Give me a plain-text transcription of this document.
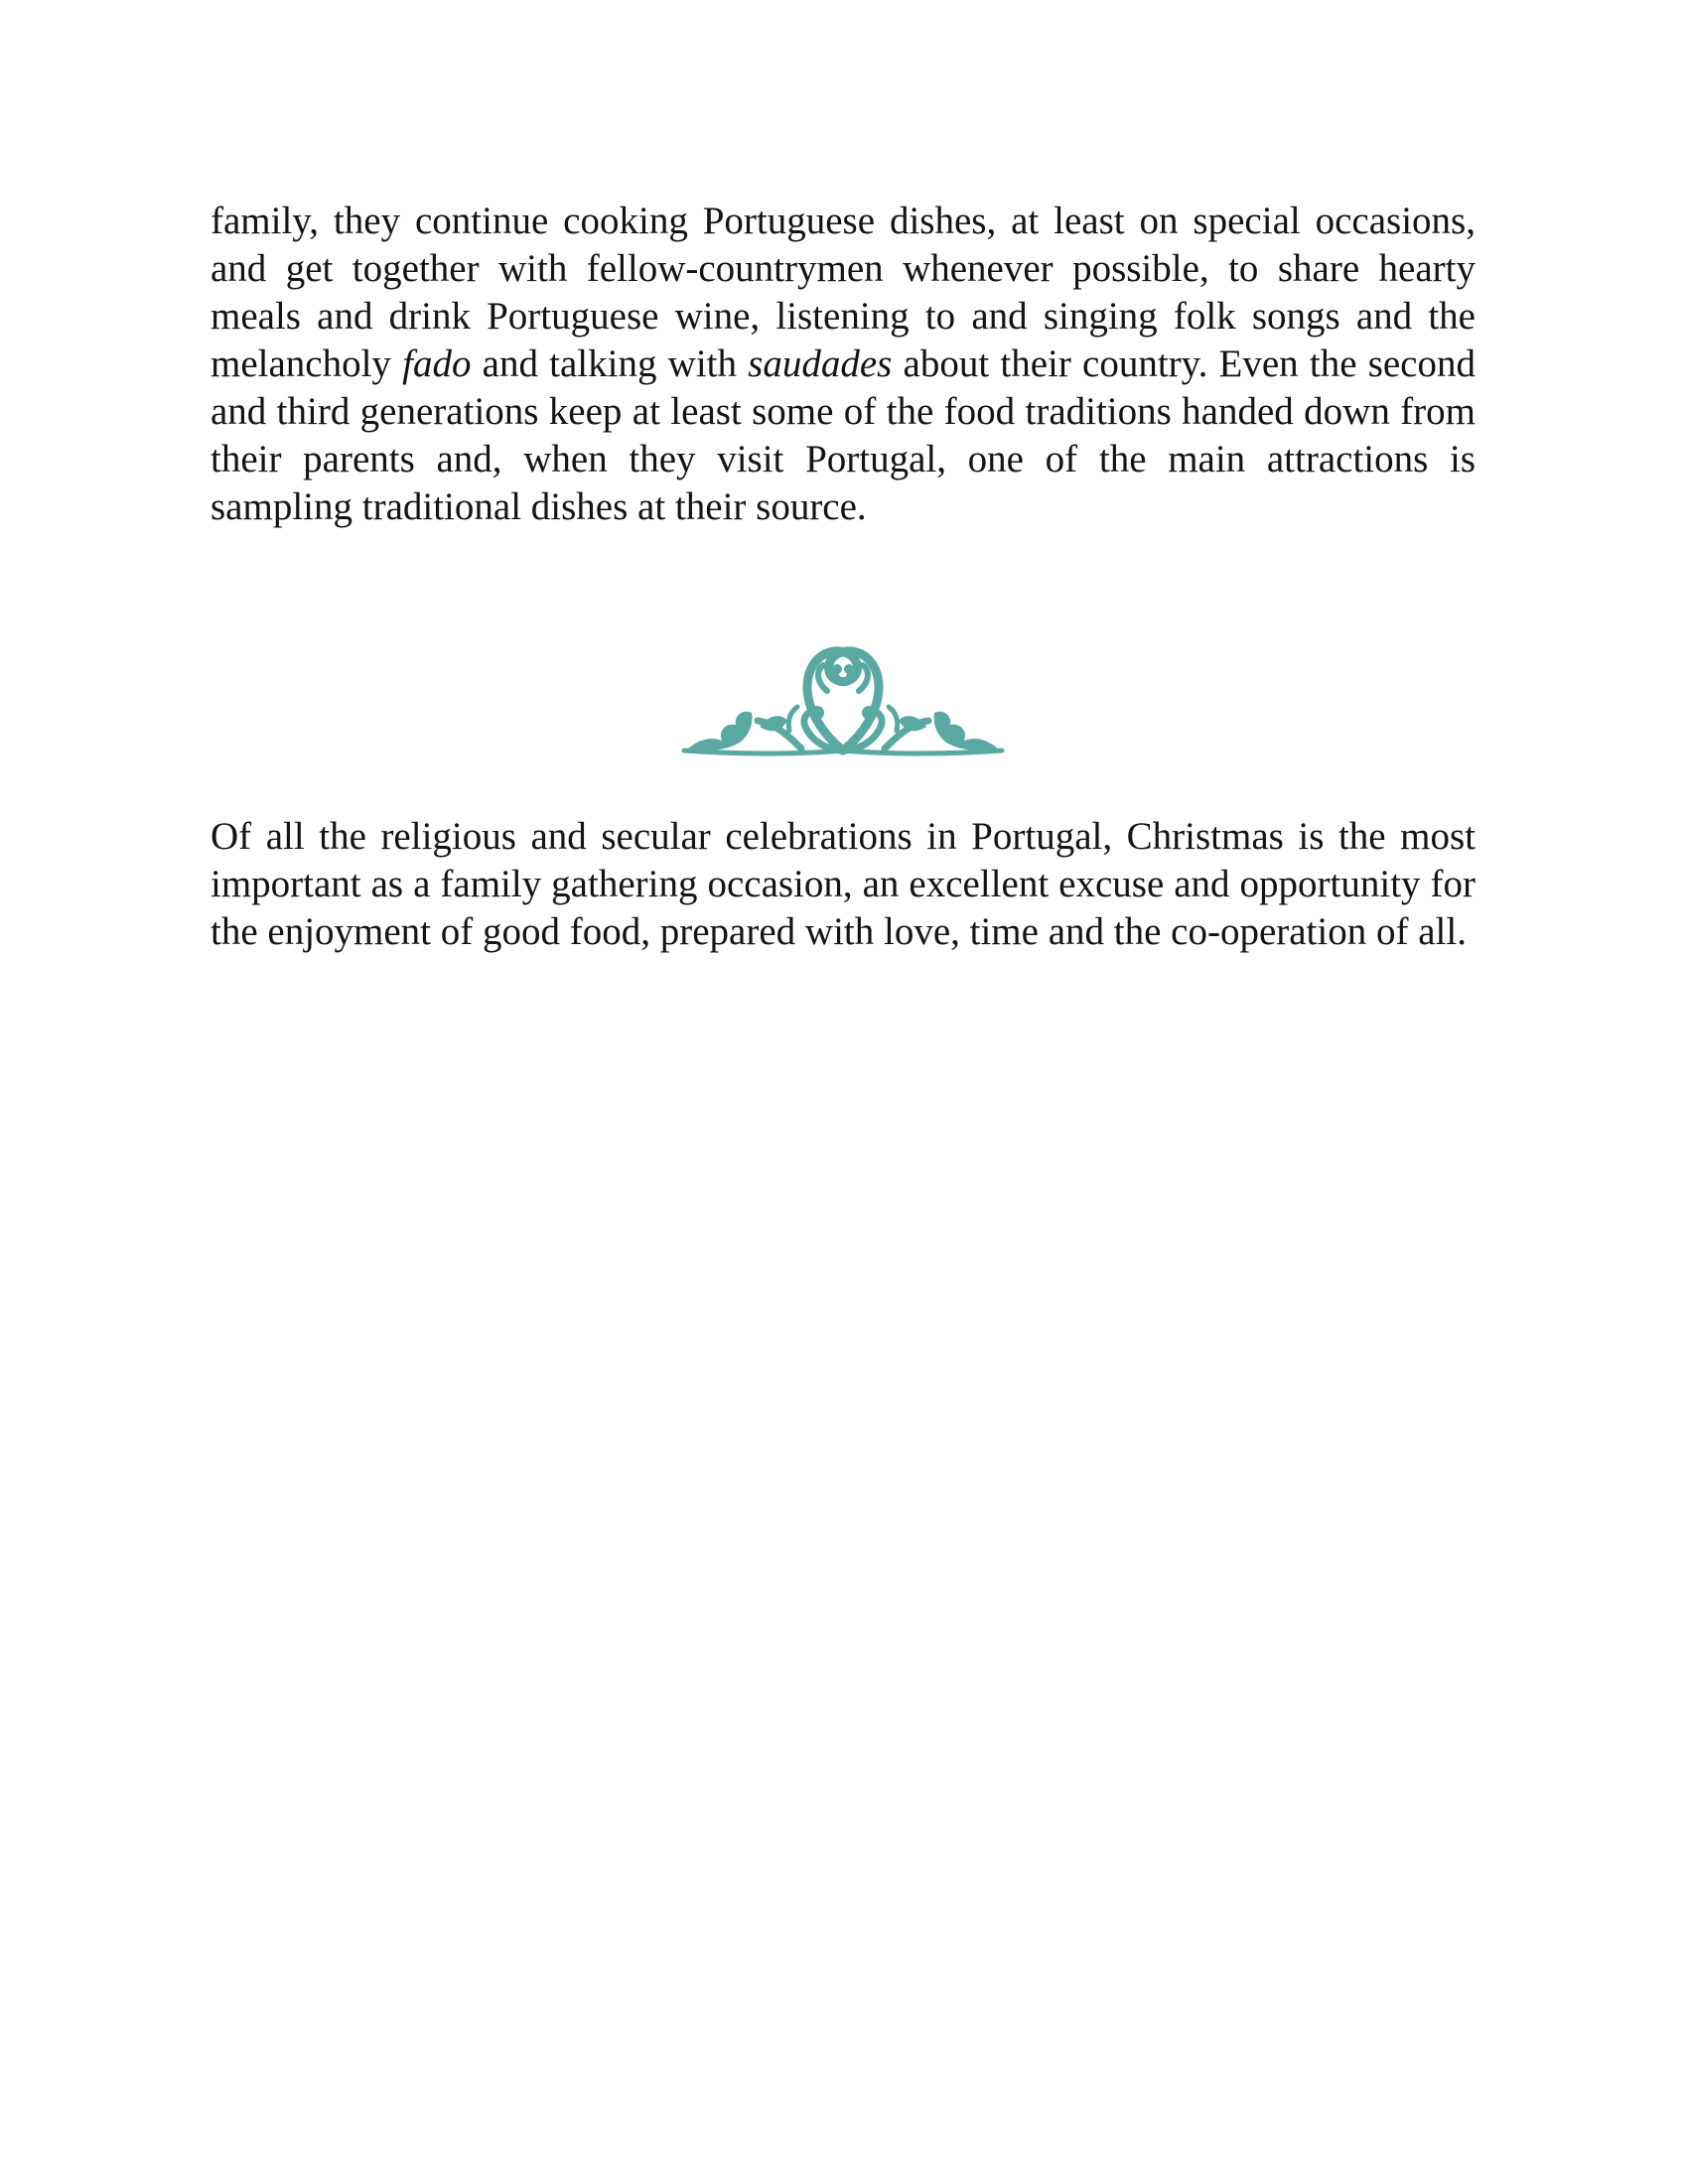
family, they continue cooking Portuguese dishes, at least on special occasions, and get together with fellow-countrymen whenever possible, to share hearty meals and drink Portuguese wine, listening to and singing folk songs and the melancholy fado and talking with saudades about their country. Even the second and third generations keep at least some of the food traditions handed down from their parents and, when they visit Portugal, one of the main attractions is sampling traditional dishes at their source.

Of all the religious and secular celebrations in Portugal, Christmas is the most important as a family gathering occasion, an excellent excuse and opportunity for the enjoyment of good food, prepared with love, time and the co-operation of all.
